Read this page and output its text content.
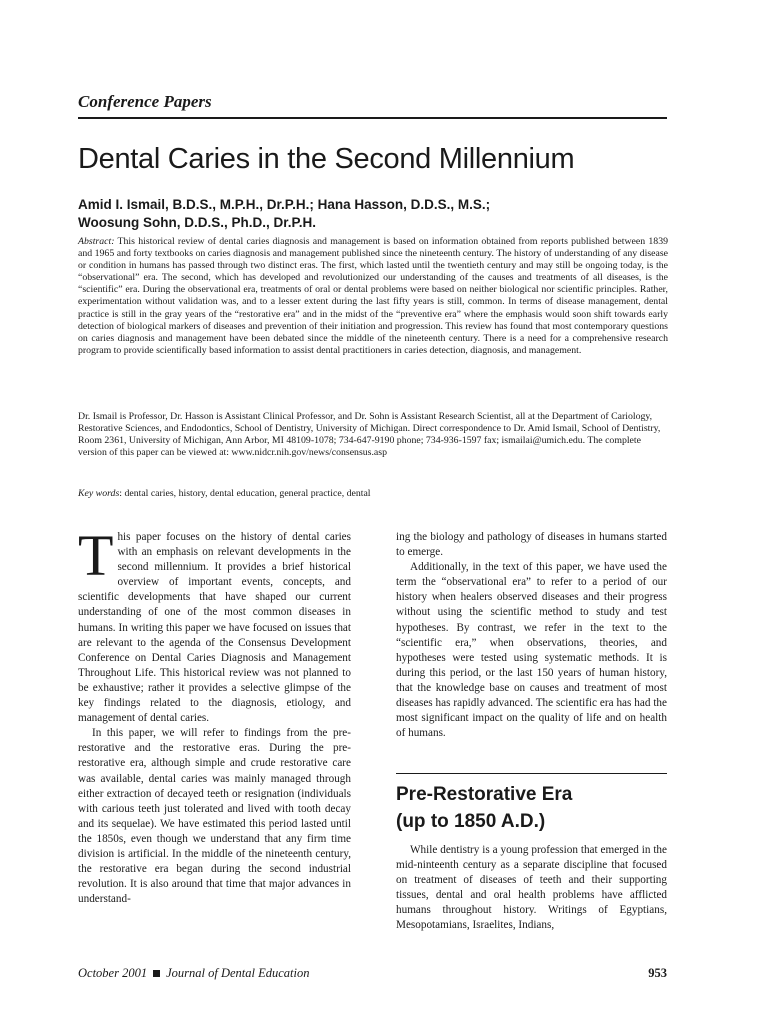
Conference Papers
Dental Caries in the Second Millennium
Amid I. Ismail, B.D.S., M.P.H., Dr.P.H.; Hana Hasson, D.D.S., M.S.;
Woosung Sohn, D.D.S., Ph.D., Dr.P.H.
Abstract: This historical review of dental caries diagnosis and management is based on information obtained from reports published between 1839 and 1965 and forty textbooks on caries diagnosis and management published since the nineteenth century. The history of understanding of any disease or condition in humans has passed through two distinct eras. The first, which lasted until the twentieth century and may still be ongoing today, is the “observational” era. The second, which has developed and revolutionized our understanding of the causes and treatments of all diseases, is the “scientific” era. During the observational era, treatments of oral or dental problems were based on neither biological nor scientific principles. Rather, experimentation without validation was, and to a lesser extent during the last fifty years is still, common. In terms of disease management, dental practice is still in the gray years of the “restorative era” and in the midst of the “preventive era” where the emphasis would soon shift towards early detection of biological markers of diseases and prevention of their initiation and progression. This review has found that most contemporary questions on caries diagnosis and management have been debated since the middle of the nineteenth century. There is a need for a comprehensive research program to provide scientifically based information to assist dental practitioners in caries detection, diagnosis, and management.
Dr. Ismail is Professor, Dr. Hasson is Assistant Clinical Professor, and Dr. Sohn is Assistant Research Scientist, all at the Department of Cariology, Restorative Sciences, and Endodontics, School of Dentistry, University of Michigan. Direct correspondence to Dr. Amid Ismail, School of Dentistry, Room 2361, University of Michigan, Ann Arbor, MI 48109-1078; 734-647-9190 phone; 734-936-1597 fax; ismailai@umich.edu. The complete version of this paper can be viewed at: www.nidcr.nih.gov/news/consensus.asp
Key words: dental caries, history, dental education, general practice, dental

This paper focuses on the history of dental caries with an emphasis on relevant developments in the second millennium. It provides a brief historical overview of important events, concepts, and scientific developments that have shaped our current understanding of one of the most common diseases in humans. In writing this paper we have focused on issues that are relevant to the agenda of the Consensus Development Conference on Dental Caries Diagnosis and Management Throughout Life. This historical review was not planned to be exhaustive; rather it provides a selective glimpse of the key findings related to the diagnosis, etiology, and management of dental caries.

In this paper, we will refer to findings from the pre-restorative and the restorative eras. During the pre-restorative era, although simple and crude restorative care was available, dental caries was mainly managed through either extraction of decayed teeth or resignation (individuals with carious teeth just tolerated and lived with tooth decay and its sequelae). We have estimated this period lasted until the 1850s, even though we understand that any firm time division is artificial. In the middle of the nineteenth century, the restorative era began during the second industrial revolution. It is also around that time that major advances in understand-

ing the biology and pathology of diseases in humans started to emerge.

Additionally, in the text of this paper, we have used the term the “observational era” to refer to a period of our history when healers observed diseases and their progress without using the scientific method to study and test hypotheses. By contrast, we refer in the text to the “scientific era,” when observations, theories, and hypotheses were tested using systematic methods. It is during this period, or the last 150 years of human history, that the knowledge base on causes and treatment of most diseases has rapidly advanced. The scientific era has had the most significant impact on the quality of life and on health of humans.

Pre-Restorative Era
(up to 1850 A.D.)

While dentistry is a young profession that emerged in the mid-ninteenth century as a separate discipline that focused on treatment of diseases of teeth and their supporting tissues, dental and oral health problems have afflicted humans throughout history. Writings of Egyptians, Mesopotamians, Israelites, Indians,

October 2001 Journal of Dental Education	953
